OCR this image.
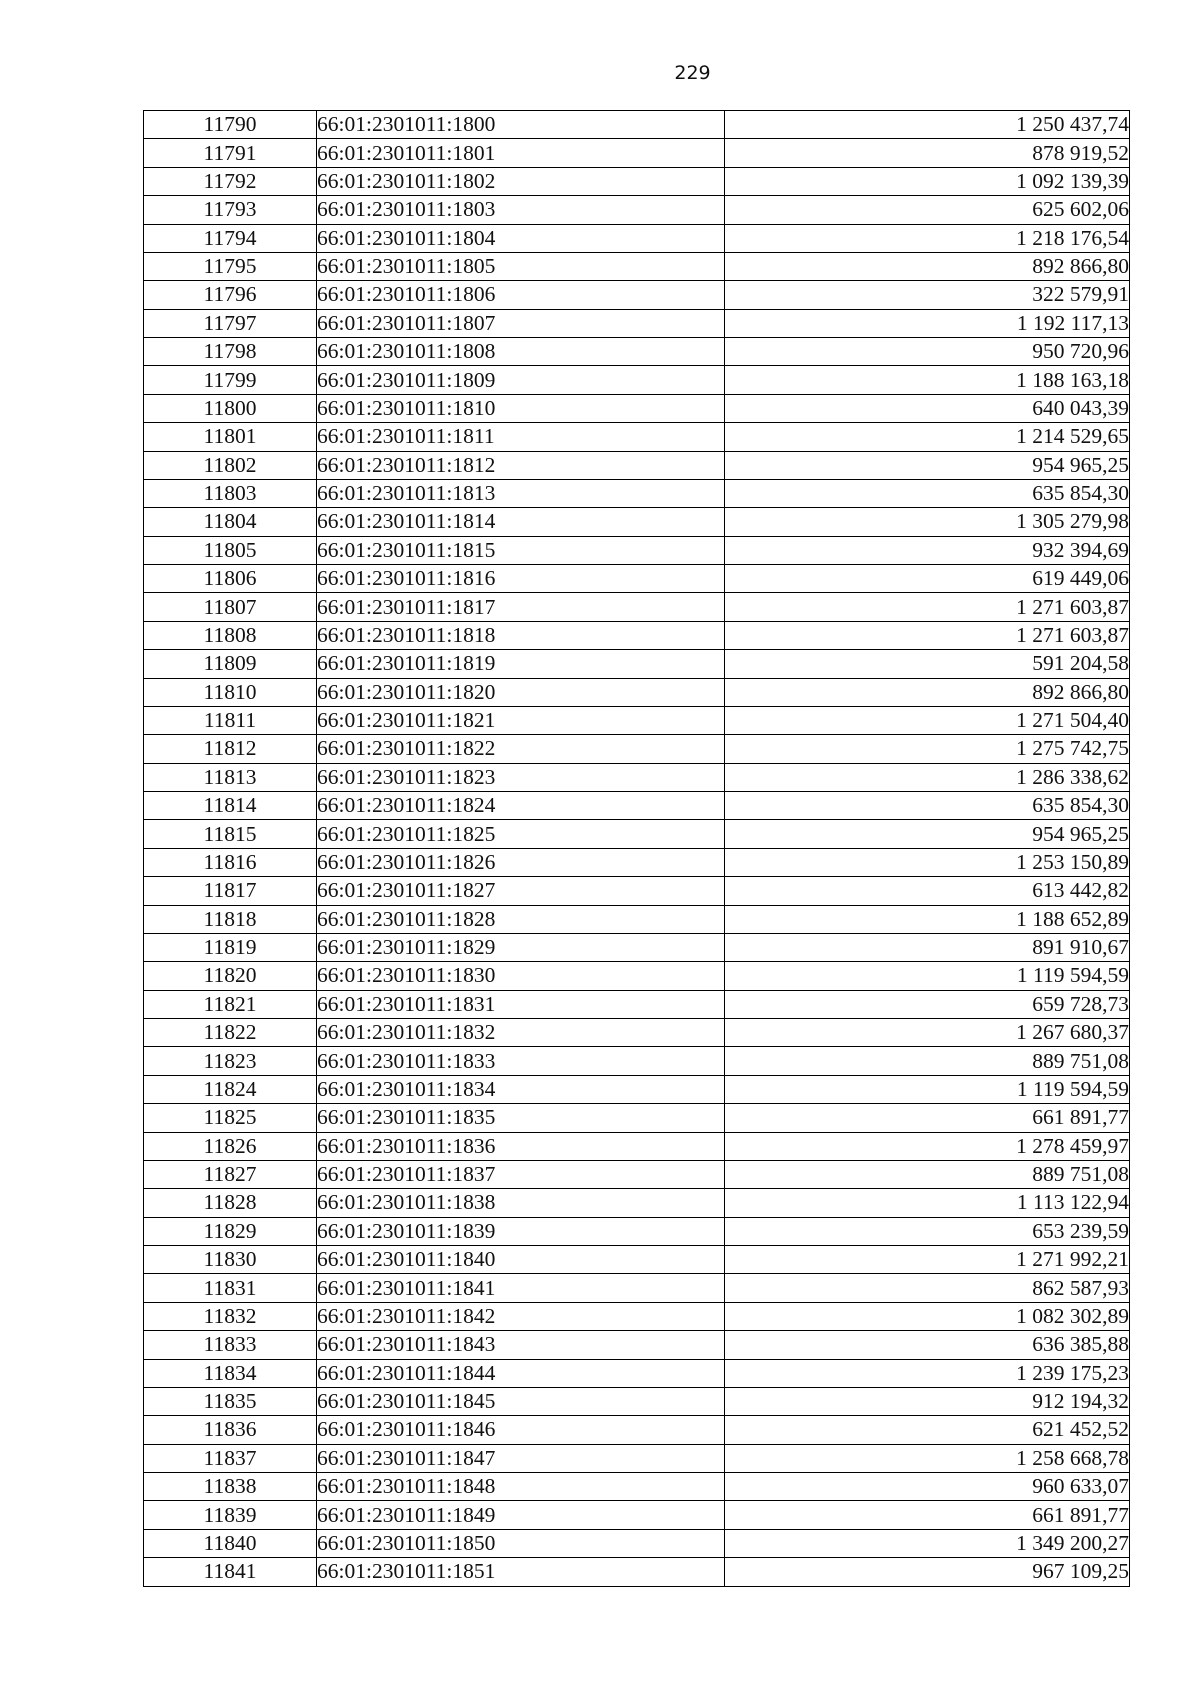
229
11790	66:01:2301011:1800	1 250 437,74
11791	66:01:2301011:1801	878 919,52
11792	66:01:2301011:1802	1 092 139,39
11793	66:01:2301011:1803	625 602,06
11794	66:01:2301011:1804	1 218 176,54
11795	66:01:2301011:1805	892 866,80
11796	66:01:2301011:1806	322 579,91
11797	66:01:2301011:1807	1 192 117,13
11798	66:01:2301011:1808	950 720,96
11799	66:01:2301011:1809	1 188 163,18
11800	66:01:2301011:1810	640 043,39
11801	66:01:2301011:1811	1 214 529,65
11802	66:01:2301011:1812	954 965,25
11803	66:01:2301011:1813	635 854,30
11804	66:01:2301011:1814	1 305 279,98
11805	66:01:2301011:1815	932 394,69
11806	66:01:2301011:1816	619 449,06
11807	66:01:2301011:1817	1 271 603,87
11808	66:01:2301011:1818	1 271 603,87
11809	66:01:2301011:1819	591 204,58
11810	66:01:2301011:1820	892 866,80
11811	66:01:2301011:1821	1 271 504,40
11812	66:01:2301011:1822	1 275 742,75
11813	66:01:2301011:1823	1 286 338,62
11814	66:01:2301011:1824	635 854,30
11815	66:01:2301011:1825	954 965,25
11816	66:01:2301011:1826	1 253 150,89
11817	66:01:2301011:1827	613 442,82
11818	66:01:2301011:1828	1 188 652,89
11819	66:01:2301011:1829	891 910,67
11820	66:01:2301011:1830	1 119 594,59
11821	66:01:2301011:1831	659 728,73
11822	66:01:2301011:1832	1 267 680,37
11823	66:01:2301011:1833	889 751,08
11824	66:01:2301011:1834	1 119 594,59
11825	66:01:2301011:1835	661 891,77
11826	66:01:2301011:1836	1 278 459,97
11827	66:01:2301011:1837	889 751,08
11828	66:01:2301011:1838	1 113 122,94
11829	66:01:2301011:1839	653 239,59
11830	66:01:2301011:1840	1 271 992,21
11831	66:01:2301011:1841	862 587,93
11832	66:01:2301011:1842	1 082 302,89
11833	66:01:2301011:1843	636 385,88
11834	66:01:2301011:1844	1 239 175,23
11835	66:01:2301011:1845	912 194,32
11836	66:01:2301011:1846	621 452,52
11837	66:01:2301011:1847	1 258 668,78
11838	66:01:2301011:1848	960 633,07
11839	66:01:2301011:1849	661 891,77
11840	66:01:2301011:1850	1 349 200,27
11841	66:01:2301011:1851	967 109,25
